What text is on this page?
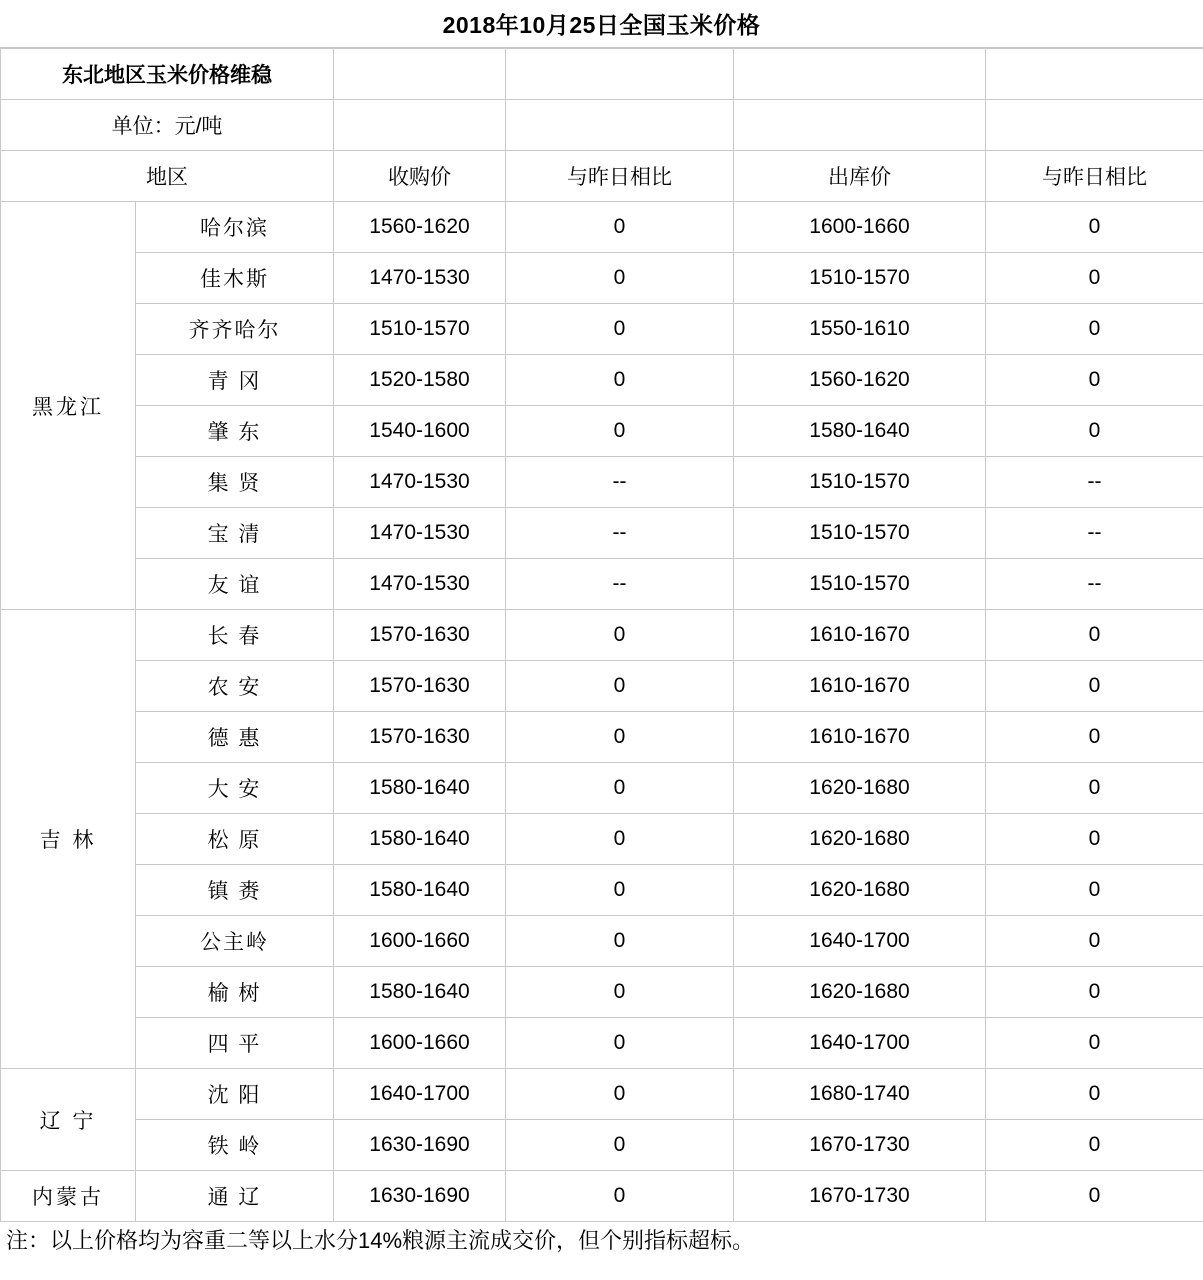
2018年10月25日全国玉米价格
东北地区玉米价格维稳					
单位：元/吨					
地区		收购价	与昨日相比	出库价	与昨日相比
黑龙江	哈尔滨	1560-1620	0	1600-1660	0
	佳木斯	1470-1530	0	1510-1570	0
	齐齐哈尔	1510-1570	0	1550-1610	0
	青 冈	1520-1580	0	1560-1620	0
	肇 东	1540-1600	0	1580-1640	0
	集 贤	1470-1530	--	1510-1570	--
	宝 清	1470-1530	--	1510-1570	--
	友 谊	1470-1530	--	1510-1570	--
吉 林	长 春	1570-1630	0	1610-1670	0
	农 安	1570-1630	0	1610-1670	0
	德 惠	1570-1630	0	1610-1670	0
	大 安	1580-1640	0	1620-1680	0
	松 原	1580-1640	0	1620-1680	0
	镇 赉	1580-1640	0	1620-1680	0
	公主岭	1600-1660	0	1640-1700	0
	榆 树	1580-1640	0	1620-1680	0
	四 平	1600-1660	0	1640-1700	0
辽 宁	沈 阳	1640-1700	0	1680-1740	0
	铁 岭	1630-1690	0	1670-1730	0
内蒙古	通 辽	1630-1690	0	1670-1730	0
注：以上价格均为容重二等以上水分14%粮源主流成交价，但个别指标超标。
